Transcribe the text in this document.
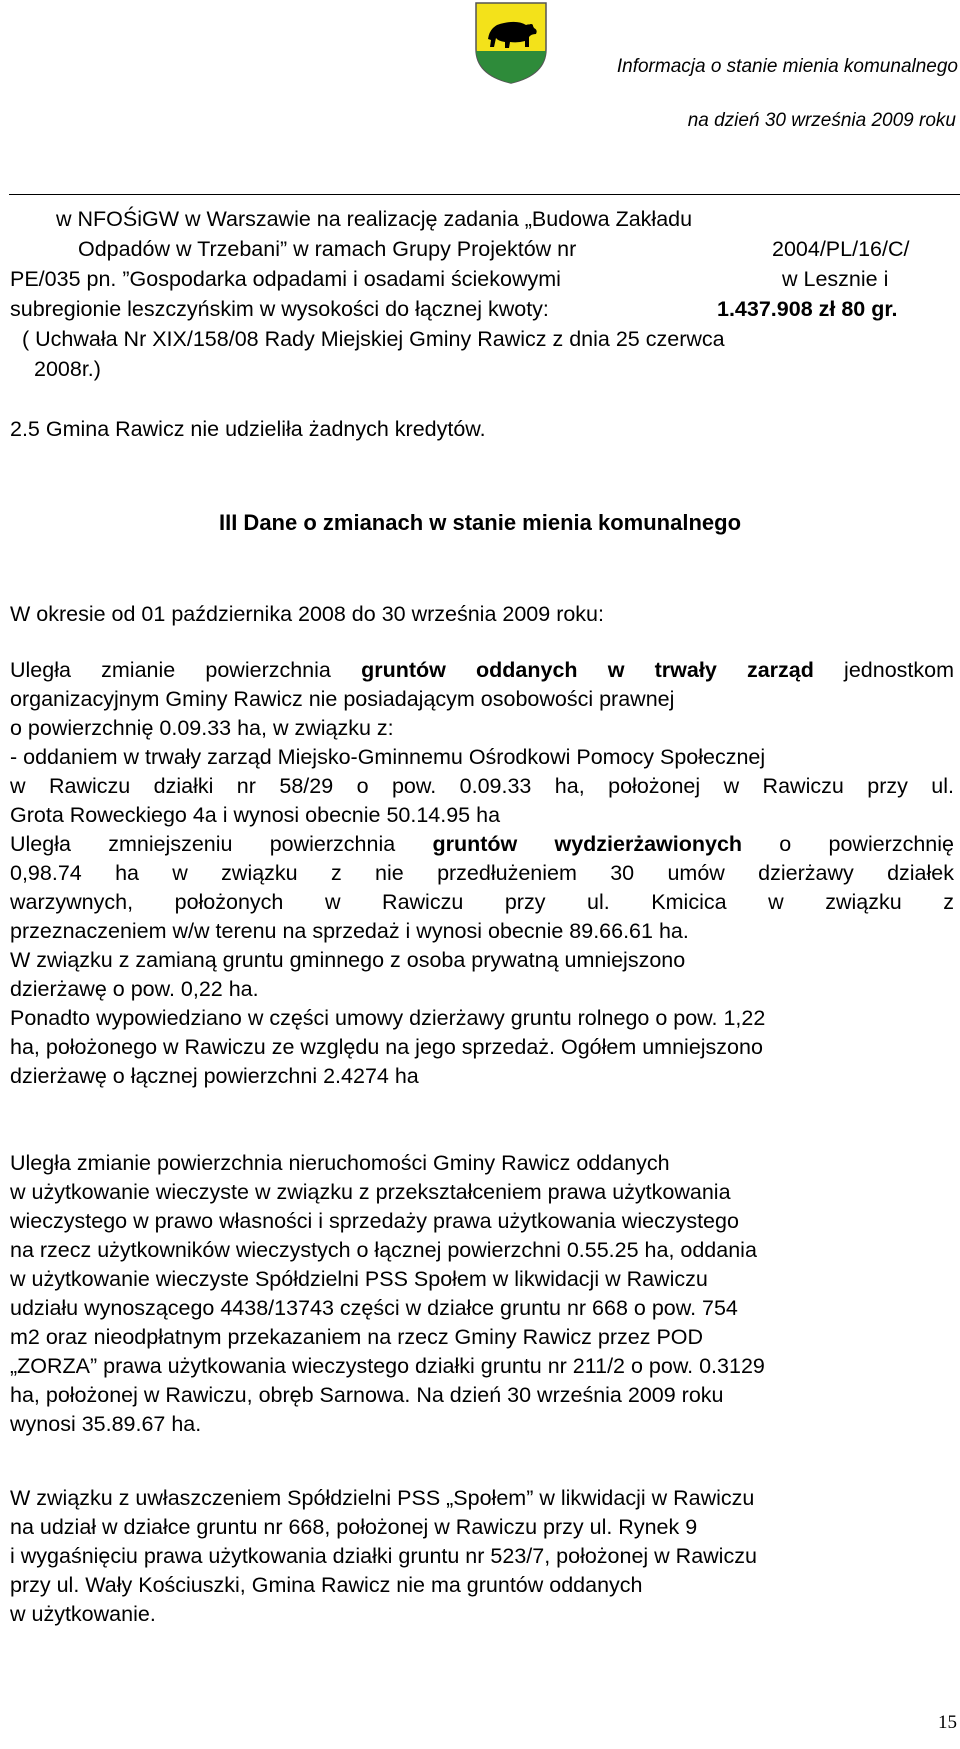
Informacja o stanie mienia komunalnego
na dzień 30 września 2009 roku
w NFOŚiGW w Warszawie na realizację zadania „Budowa Zakładu
Odpadów w Trzebani” w ramach Grupy Projektów nr	2004/PL/16/C/
PE/035 pn. ”Gospodarka odpadami i osadami ściekowymi	w Lesznie i
subregionie leszczyńskim w wysokości do łącznej kwoty:	1.437.908 zł 80 gr.
( Uchwała Nr XIX/158/08 Rady Miejskiej Gminy Rawicz z dnia 25 czerwca
2008r.)
2.5 Gmina Rawicz nie udzieliła żadnych kredytów.
III Dane o zmianach w stanie mienia komunalnego
W okresie od 01 października 2008 do 30 września 2009 roku:

Uległa zmianie powierzchnia gruntów oddanych w trwały zarząd jednostkom

organizacyjnym Gminy Rawicz nie posiadającym osobowości prawnej

o powierzchnię 0.09.33 ha, w związku z:

- oddaniem w trwały zarząd Miejsko-Gminnemu Ośrodkowi Pomocy Społecznej

w Rawiczu działki nr 58/29 o pow. 0.09.33 ha, położonej w Rawiczu przy ul.

Grota Roweckiego 4a i wynosi obecnie 50.14.95 ha

Uległa zmniejszeniu powierzchnia gruntów wydzierżawionych o powierzchnię

0,98.74 ha w związku z nie przedłużeniem 30 umów dzierżawy działek

warzywnych, położonych w Rawiczu przy ul. Kmicica w związku z

przeznaczeniem w/w terenu na sprzedaż i wynosi obecnie 89.66.61 ha.

W związku z zamianą gruntu gminnego z osoba prywatną umniejszono

dzierżawę o pow. 0,22 ha.

Ponadto wypowiedziano w części umowy dzierżawy gruntu rolnego o pow. 1,22

ha, położonego w Rawiczu ze względu na jego sprzedaż. Ogółem umniejszono

dzierżawę o łącznej powierzchni 2.4274 ha

Uległa zmianie powierzchnia nieruchomości Gminy Rawicz oddanych

w użytkowanie wieczyste w związku z przekształceniem prawa użytkowania

wieczystego w prawo własności i sprzedaży prawa użytkowania wieczystego

na rzecz użytkowników wieczystych o łącznej powierzchni 0.55.25 ha, oddania

w użytkowanie wieczyste Spółdzielni PSS Społem w likwidacji w Rawiczu

udziału wynoszącego 4438/13743 części w działce gruntu nr 668 o pow. 754

m2 oraz nieodpłatnym przekazaniem na rzecz Gminy Rawicz przez POD

„ZORZA” prawa użytkowania wieczystego działki gruntu nr 211/2 o pow. 0.3129

ha, położonej w Rawiczu, obręb Sarnowa. Na dzień 30 września 2009 roku

wynosi 35.89.67 ha.

W związku z uwłaszczeniem Spółdzielni PSS „Społem” w likwidacji w Rawiczu

na udział w działce gruntu nr 668, położonej w Rawiczu przy ul. Rynek 9

i wygaśnięciu prawa użytkowania działki gruntu nr 523/7, położonej w Rawiczu

przy ul. Wały Kościuszki, Gmina Rawicz nie ma gruntów oddanych

w użytkowanie.

15
